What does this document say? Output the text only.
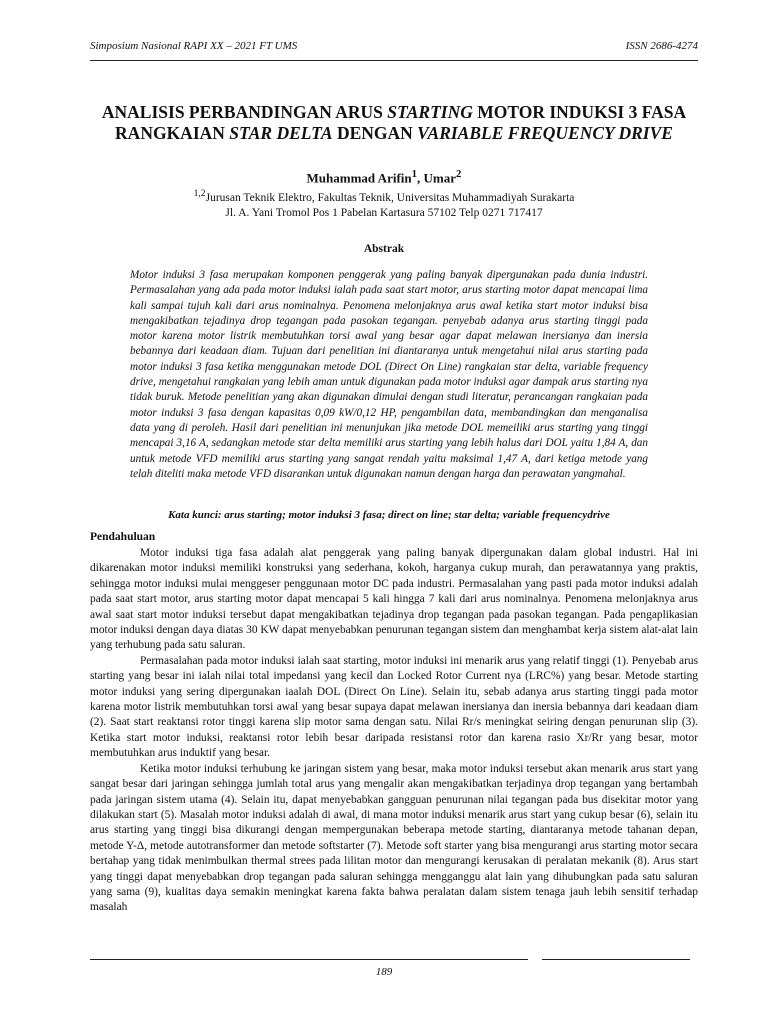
Simposium Nasional RAPI XX – 2021 FT UMS	ISSN 2686-4274
ANALISIS PERBANDINGAN ARUS STARTING MOTOR INDUKSI 3 FASA
RANGKAIAN STAR DELTA DENGAN VARIABLE FREQUENCY DRIVE
Muhammad Arifin$^1$, Umar$^2$
$^{1,2}$Jurusan Teknik Elektro, Fakultas Teknik, Universitas Muhammadiyah Surakarta
Jl. A. Yani Tromol Pos 1 Pabelan Kartasura 57102 Telp 0271 717417
Abstrak
Motor induksi 3 fasa merupakan komponen penggerak yang paling banyak dipergunakan pada dunia industri. Permasalahan yang ada pada motor induksi ialah pada saat start motor, arus starting motor dapat mencapai lima kali sampai tujuh kali dari arus nominalnya. Penomena melonjaknya arus awal ketika start motor induksi bisa mengakibatkan tejadinya drop tegangan pada pasokan tegangan. penyebab adanya arus starting tinggi pada motor karena motor listrik membutuhkan torsi awal yang besar agar dapat melawan inersianya dan inersia bebannya dari keadaan diam. Tujuan dari penelitian ini diantaranya untuk mengetahui nilai arus starting pada motor induksi 3 fasa ketika menggunakan metode DOL (Direct On Line) rangkaian star delta, variable frequency drive, mengetahui rangkaian yang lebih aman untuk digunakan pada motor induksi agar dampak arus starting nya tidak buruk. Metode penelitian yang akan digunakan dimulai dengan studi literatur, perancangan rangkaian pada motor induksi 3 fasa dengan kapasitas 0,09 kW/0,12 HP, pengambilan data, membandingkan dan menganalisa data yang di peroleh. Hasil dari penelitian ini menunjukan jika metode DOL memeiliki arus starting yang tinggi mencapai 3,16 A, sedangkan metode star delta memiliki arus starting yang lebih halus dari DOL yaitu 1,84 A, dan untuk metode VFD memiliki arus starting yang sangat rendah yaitu maksimal 1,47 A, dari ketiga metode yang telah diteliti maka metode VFD disarankan untuk digunakan namun dengan harga dan perawatan yangmahal.
Kata kunci: arus starting; motor induksi 3 fasa; direct on line; star delta; variable frequencydrive
Pendahuluan

Motor induksi tiga fasa adalah alat penggerak yang paling banyak dipergunakan dalam global industri. Hal ini dikarenakan motor induksi memiliki konstruksi yang sederhana, kokoh, harganya cukup murah, dan perawatannya yang praktis, sehingga motor induksi mulai menggeser penggunaan motor DC pada industri. Permasalahan yang pasti pada motor induksi adalah pada saat start motor, arus starting motor dapat mencapai 5 kali hingga 7 kali dari arus nominalnya. Penomena melonjaknya arus awal saat start motor induksi tersebut dapat mengakibatkan tejadinya drop tegangan pada pasokan tegangan. Pada pengaplikasian motor induksi dengan daya diatas 30 KW dapat menyebabkan penurunan tegangan sistem dan menghambat kerja sistem alat-alat lain yang terhubung pada satu saluran.

Permasalahan pada motor induksi ialah saat starting, motor induksi ini menarik arus yang relatif tinggi (1). Penyebab arus starting yang besar ini ialah nilai total impedansi yang kecil dan Locked Rotor Current nya (LRC%) yang besar. Metode starting motor induksi yang sering dipergunakan iaalah DOL (Direct On Line). Selain itu, sebab adanya arus starting tinggi pada motor karena motor listrik membutuhkan torsi awal yang besar supaya dapat melawan inersianya dan inersia bebannya dari keadaan diam (2). Saat start reaktansi rotor tinggi karena slip motor sama dengan satu. Nilai Rr/s meningkat seiring dengan penurunan slip (3). Ketika start motor induksi, reaktansi rotor lebih besar daripada resistansi rotor dan karena rasio Xr/Rr yang besar, motor membutuhkan arus induktif yang besar.

Ketika motor induksi terhubung ke jaringan sistem yang besar, maka motor induksi tersebut akan menarik arus start yang sangat besar dari jaringan sehingga jumlah total arus yang mengalir akan mengakibatkan terjadinya drop tegangan yang bertambah pada jaringan sistem utama (4). Selain itu, dapat menyebabkan gangguan penurunan nilai tegangan pada bus disekitar motor yang dilakukan start (5). Masalah motor induksi adalah di awal, di mana motor induksi menarik arus start yang cukup besar (6), selain itu arus starting yang tinggi bisa dikurangi dengan mempergunakan beberapa metode starting, diantaranya metode tahanan depan, metode Y-Δ, metode autotransformer dan metode softstarter (7). Metode soft starter yang bisa mengurangi arus starting motor secara bertahap yang tidak menimbulkan thermal strees pada lilitan motor dan mengurangi kerusakan di peralatan mekanik (8). Arus start yang tinggi dapat menyebabkan drop tegangan pada saluran sehingga mengganggu alat lain yang dihubungkan pada satu saluran yang sama (9), kualitas daya semakin meningkat karena fakta bahwa peralatan dalam sistem tenaga jauh lebih sensitif terhadap masalah

189
